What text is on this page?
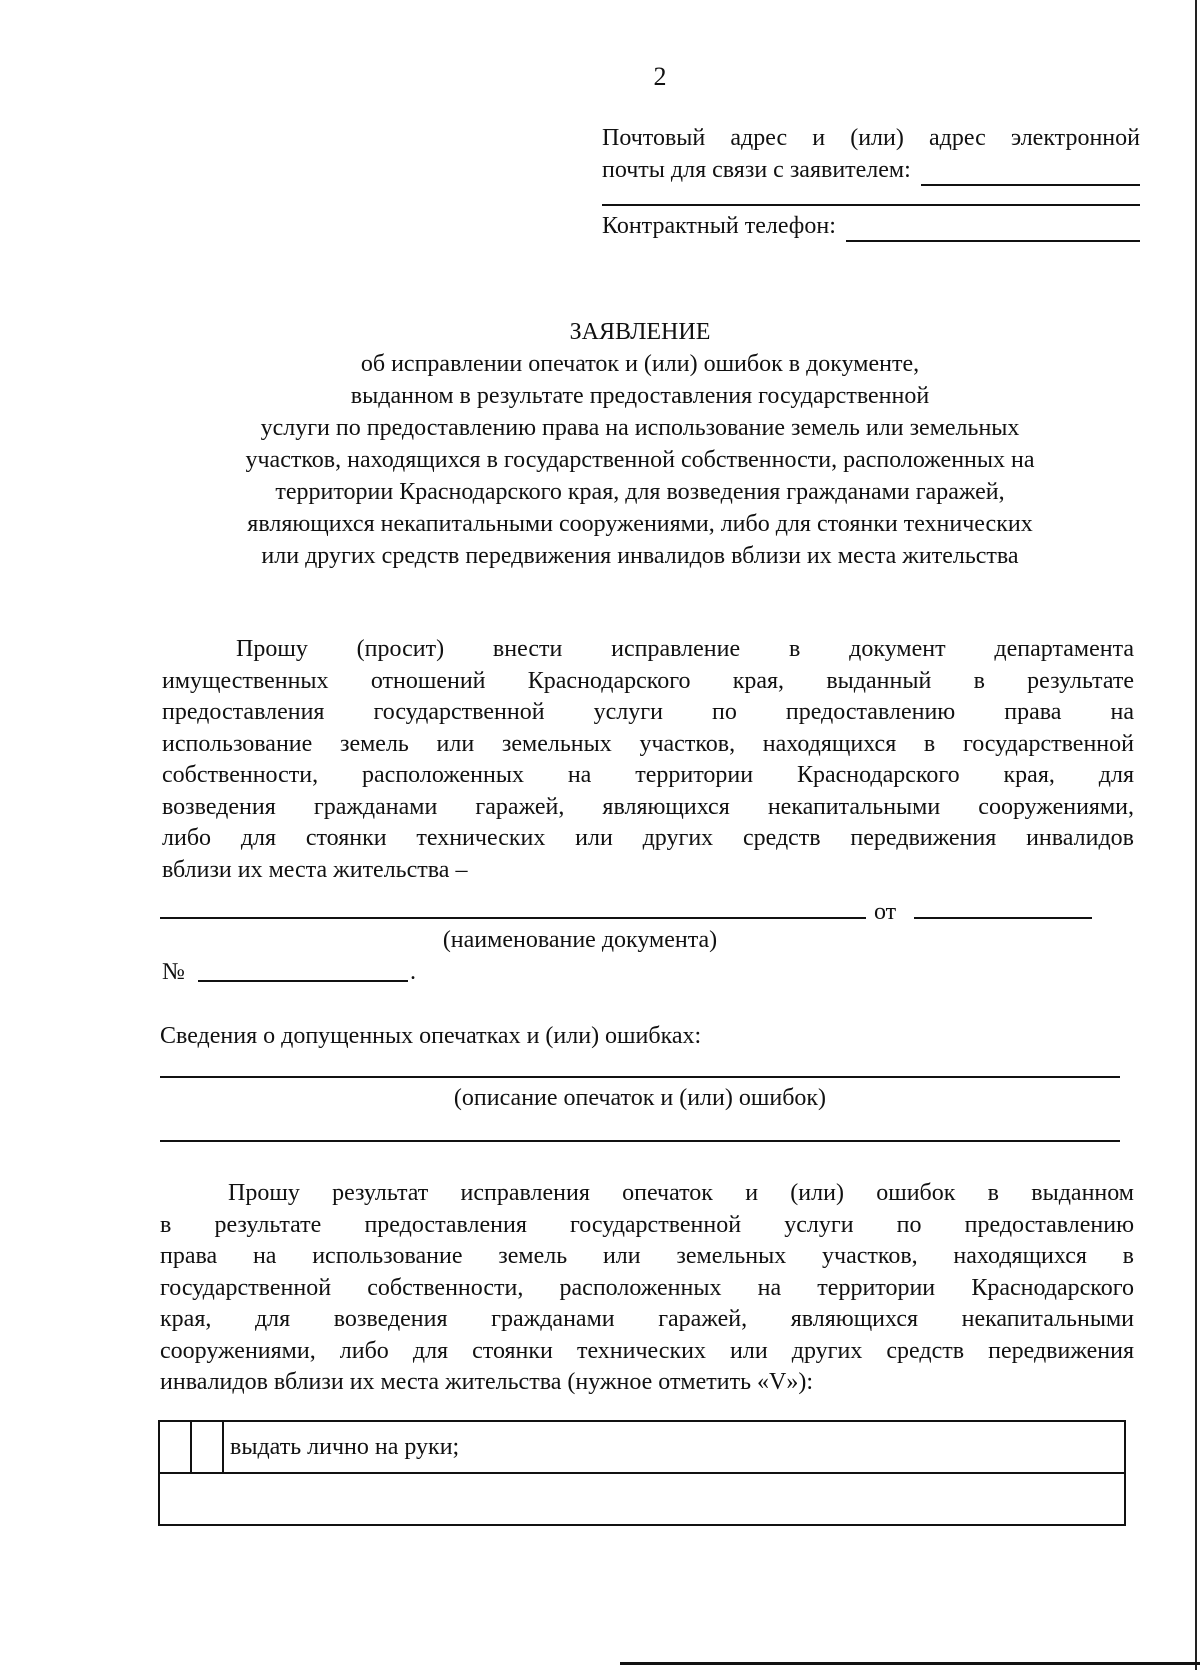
2
Почтовый адрес и (или) адрес электронной
почты для связи с заявителем:
Контрактный телефон:
ЗАЯВЛЕНИЕ
об исправлении опечаток и (или) ошибок в документе,
выданном в результате предоставления государственной
услуги по предоставлению права на использование земель или земельных
участков, находящихся в государственной собственности, расположенных на
территории Краснодарского края, для возведения гражданами гаражей,
являющихся некапитальными сооружениями, либо для стоянки технических
или других средств передвижения инвалидов вблизи их места жительства
Прошу (просит) внести исправление в документ департамента
имущественных отношений Краснодарского края, выданный в результате
предоставления государственной услуги по предоставлению права на
использование земель или земельных участков, находящихся в государственной
собственности, расположенных на территории Краснодарского края, для
возведения гражданами гаражей, являющихся некапитальными сооружениями,
либо для стоянки технических или других средств передвижения инвалидов
вблизи их места жительства –
от
(наименование документа)
№	.
Сведения о допущенных опечатках и (или) ошибках:
(описание опечаток и (или) ошибок)
Прошу результат исправления опечаток и (или) ошибок в выданном
в результате предоставления государственной услуги по предоставлению
права на использование земель или земельных участков, находящихся в
государственной собственности, расположенных на территории Краснодарского
края, для возведения гражданами гаражей, являющихся некапитальными
сооружениями, либо для стоянки технических или других средств передвижения
инвалидов вблизи их места жительства (нужное отметить «V»):
		выдать лично на руки;
